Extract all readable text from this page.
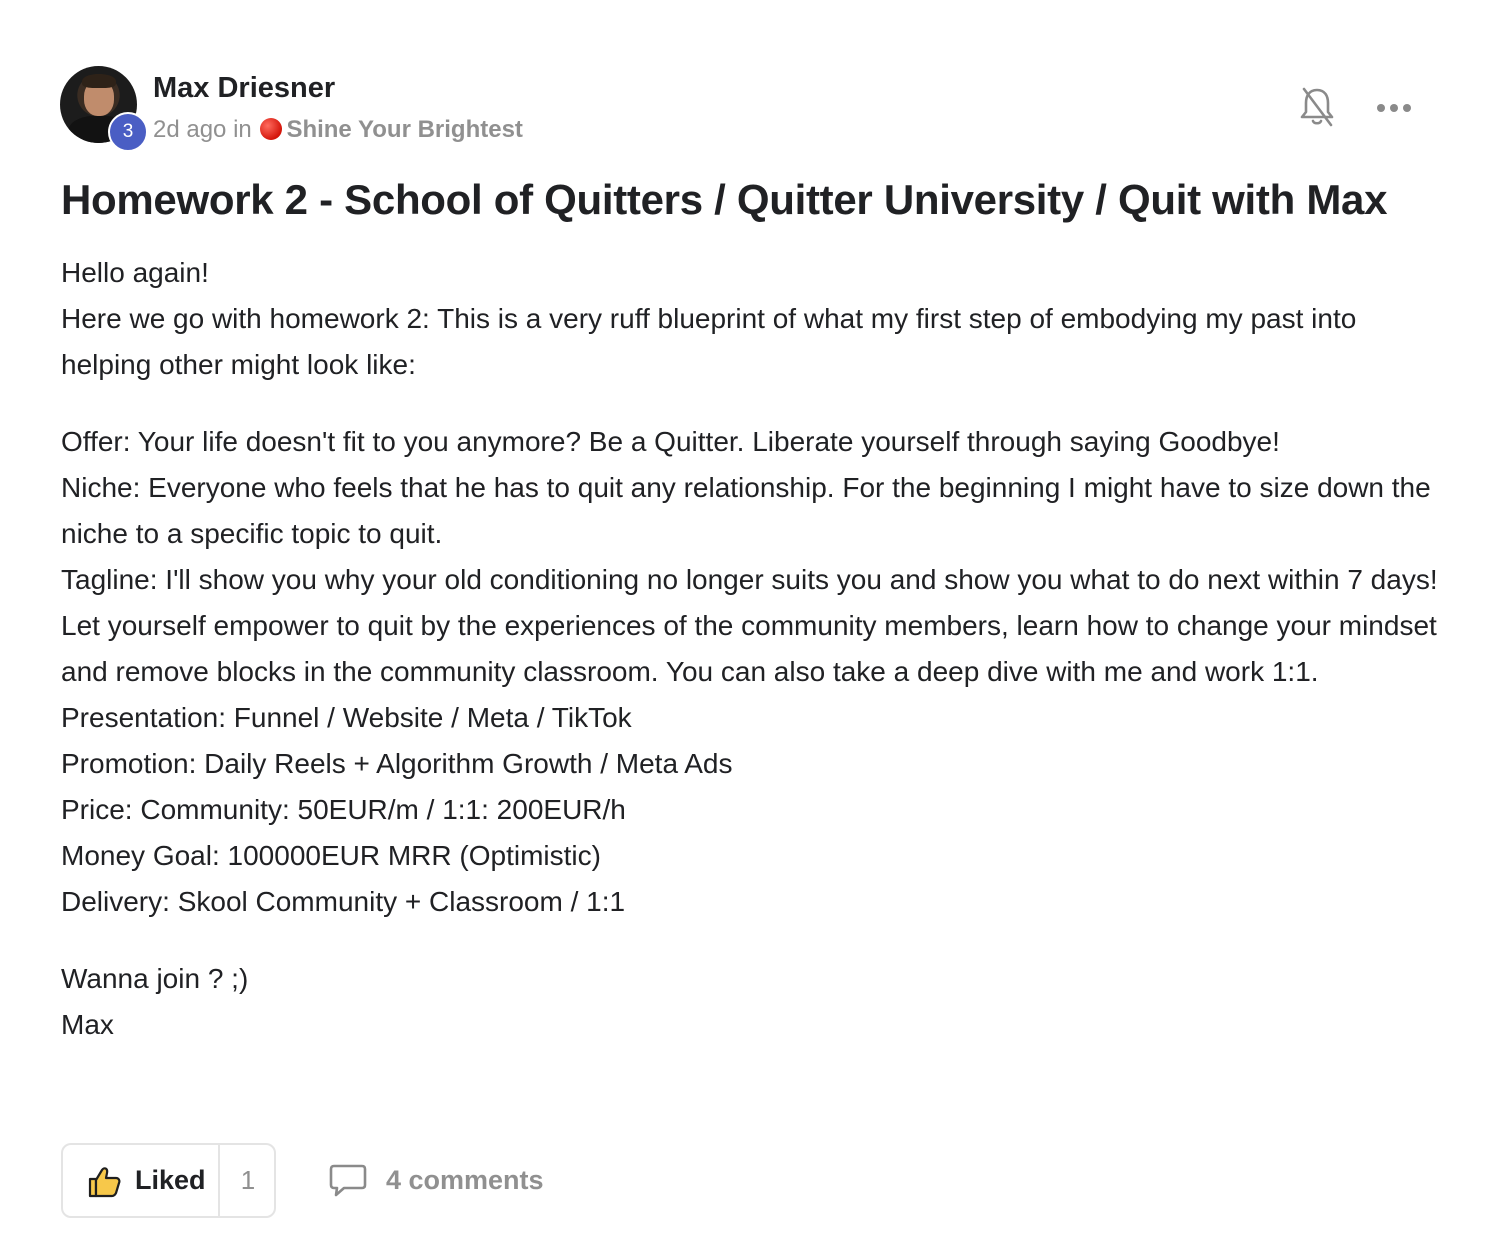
3
Max Driesner
2d ago in Shine Your Brightest
Homework 2 - School of Quitters / Quitter University / Quit with Max

Hello again!

Here we go with homework 2: This is a very ruff blueprint of what my first step of embodying my past into helping other might look like:

Offer: Your life doesn't fit to you anymore? Be a Quitter. Liberate yourself through saying Goodbye!

Niche: Everyone who feels that he has to quit any relationship. For the beginning I might have to size down the niche to a specific topic to quit.

Tagline: I'll show you why your old conditioning no longer suits you and show you what to do next within 7 days! Let yourself empower to quit by the experiences of the community members, learn how to change your mindset and remove blocks in the community classroom. You can also take a deep dive with me and work 1:1.

Presentation: Funnel / Website / Meta / TikTok

Promotion: Daily Reels + Algorithm Growth / Meta Ads

Price: Community: 50EUR/m / 1:1: 200EUR/h

Money Goal: 100000EUR MRR (Optimistic)

Delivery: Skool Community + Classroom / 1:1

Wanna join ? ;)

Max

Liked	1	4 comments
